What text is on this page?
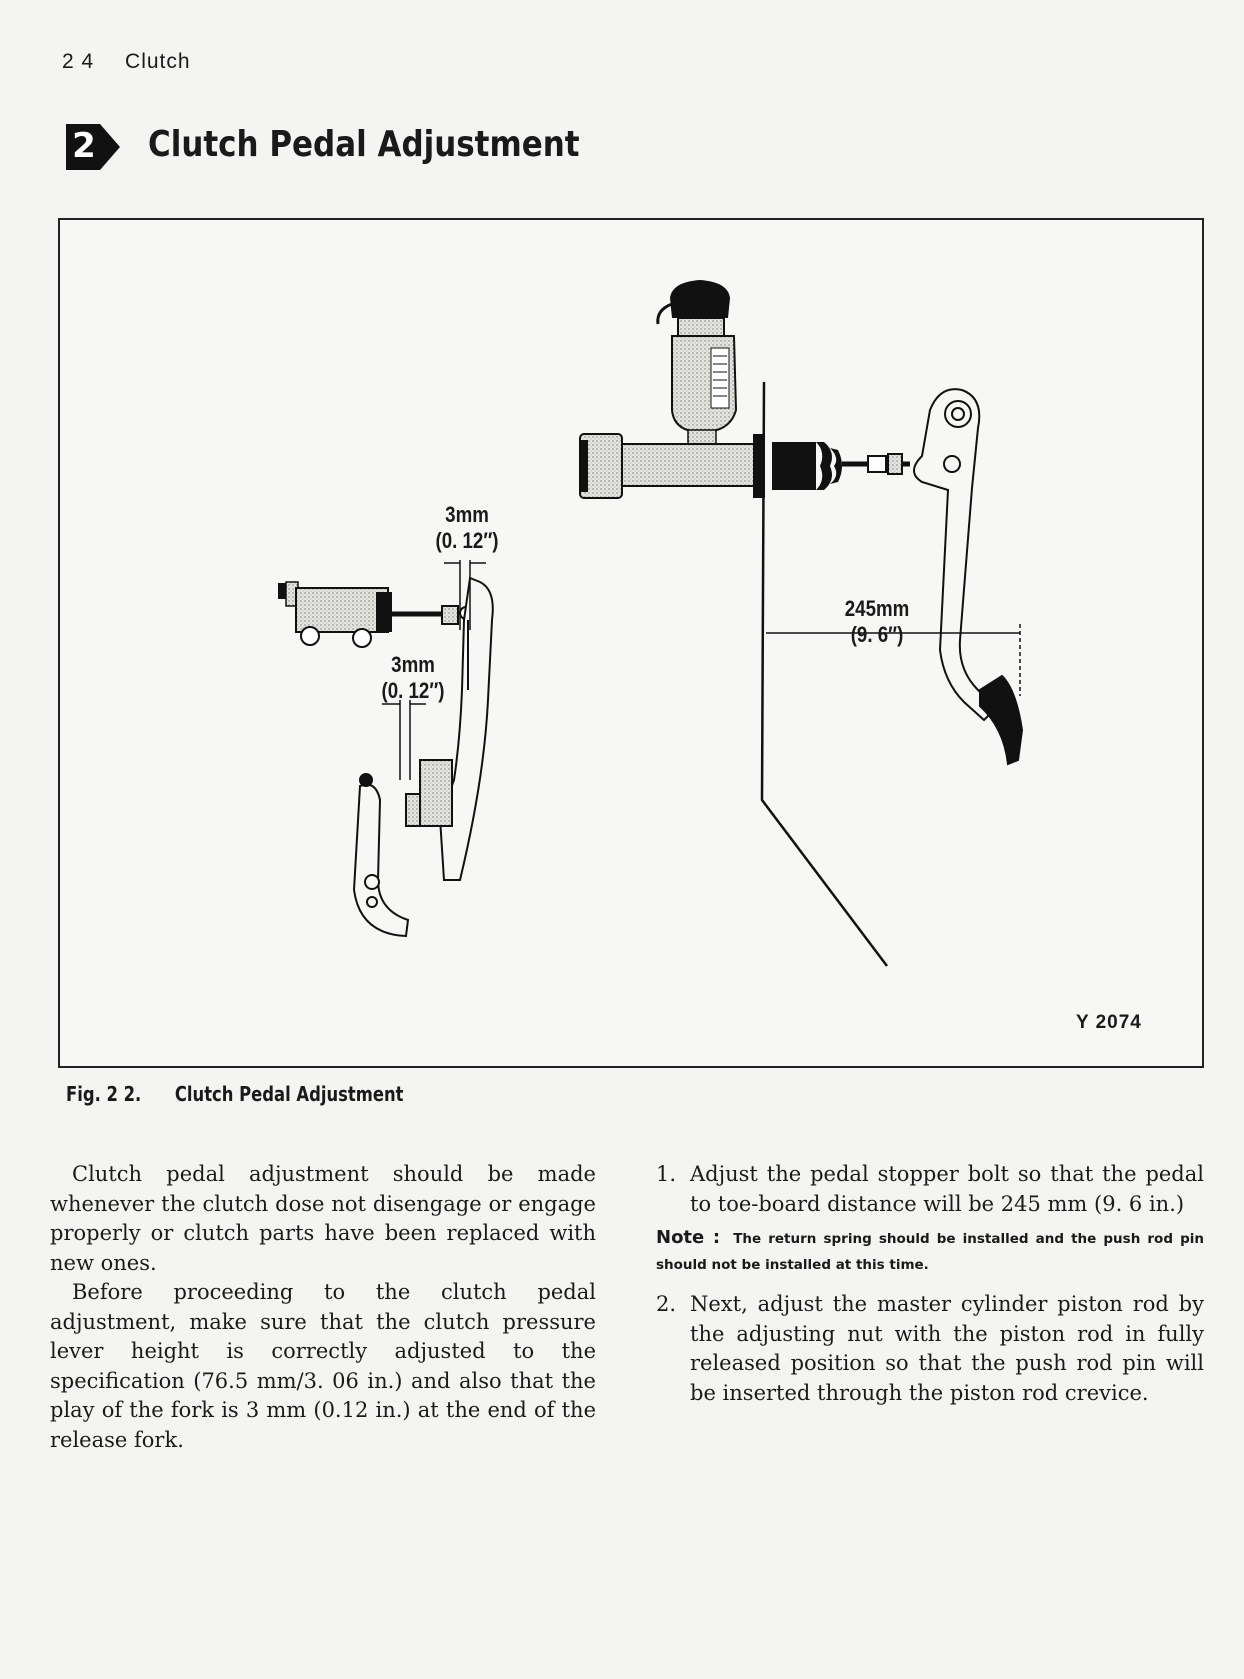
2 4 Clutch
2 Clutch Pedal Adjustment
3mm
(0. 12″)
3mm
(0. 12″)
245mm
(9. 6″)
Y 2074
Fig. 2 2. Clutch Pedal Adjustment

Clutch pedal adjustment should be made whenever the clutch dose not disengage or engage properly or clutch parts have been replaced with new ones.

Before proceeding to the clutch pedal adjustment, make sure that the clutch pressure lever height is correctly adjusted to the specification (76.5 mm/3. 06 in.) and also that the play of the fork is 3 mm (0.12 in.) at the end of the release fork.

1. Adjust the pedal stopper bolt so that the pedal to toe-board distance will be 245 mm (9. 6 in.)
Note : The return spring should be installed and the push rod pin should not be installed at this time.
2. Next, adjust the master cylinder piston rod by the adjusting nut with the piston rod in fully released position so that the push rod pin will be inserted through the piston rod crevice.
